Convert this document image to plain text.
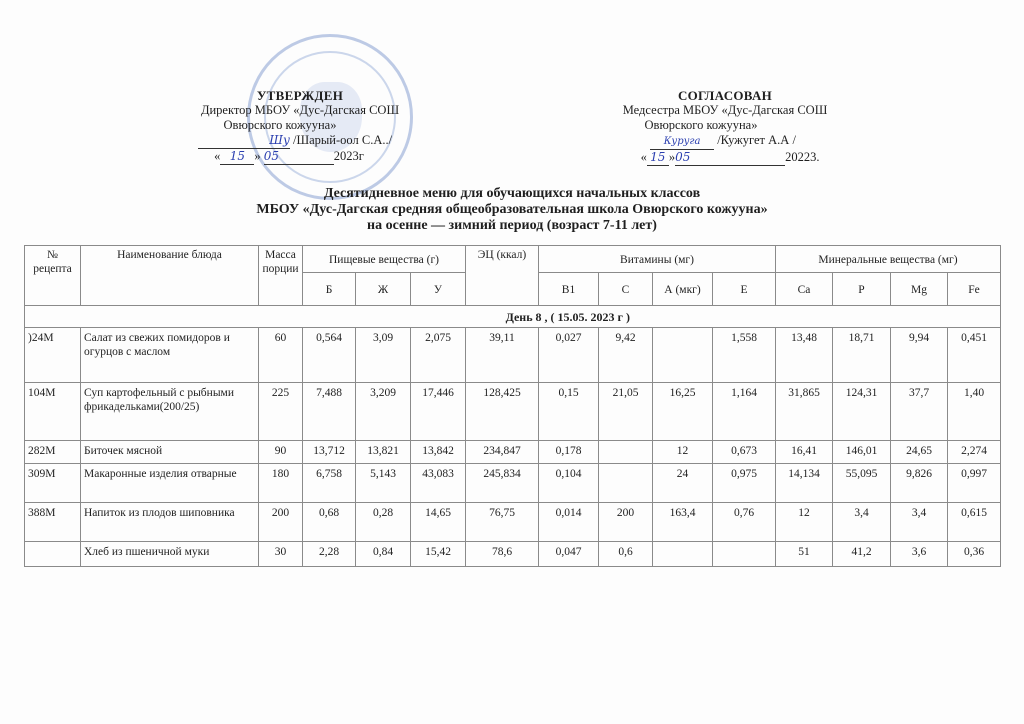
УТВЕРЖДЕН
Директор МБОУ «Дус-Дагская СОШ
Овюрского кожууна»
Шу /Шарый-оол С.А../
« 15 » 05	2023г
СОГЛАСОВАН
Медсестра МБОУ «Дус-Дагская СОШ
Овюрского кожууна»
Куруга /Кужугет А.А /
« 15 »05	20223.
Десятидневное меню для обучающихся начальных классов
МБОУ «Дус-Дагская средняя общеобразовательная школа Овюрского кожууна»
на осенне — зимний период (возраст 7-11 лет)
№ рецепта	Наименование блюда	Масса порции	Пищевые вещества (г)			ЭЦ (ккал)	Витамины (мг)				Минеральные вещества (мг)			
			Б	Ж	У		В1	С	А (мкг)	Е	Са	Р	Mg	Fe
День 8 , ( 15.05. 2023 г )														
)24М	Салат из свежих помидоров и огурцов с маслом	60	0,564	3,09	2,075	39,11	0,027	9,42		1,558	13,48	18,71	9,94	0,451
104М	Суп картофельный с рыбными фрикадельками(200/25)	225	7,488	3,209	17,446	128,425	0,15	21,05	16,25	1,164	31,865	124,31	37,7	1,40
282М	Биточек мясной	90	13,712	13,821	13,842	234,847	0,178		12	0,673	16,41	146,01	24,65	2,274
309М	Макаронные изделия отварные	180	6,758	5,143	43,083	245,834	0,104		24	0,975	14,134	55,095	9,826	0,997
388М	Напиток из плодов шиповника	200	0,68	0,28	14,65	76,75	0,014	200	163,4	0,76	12	3,4	3,4	0,615
	Хлеб из пшеничной муки	30	2,28	0,84	15,42	78,6	0,047	0,6			51	41,2	3,6	0,36
